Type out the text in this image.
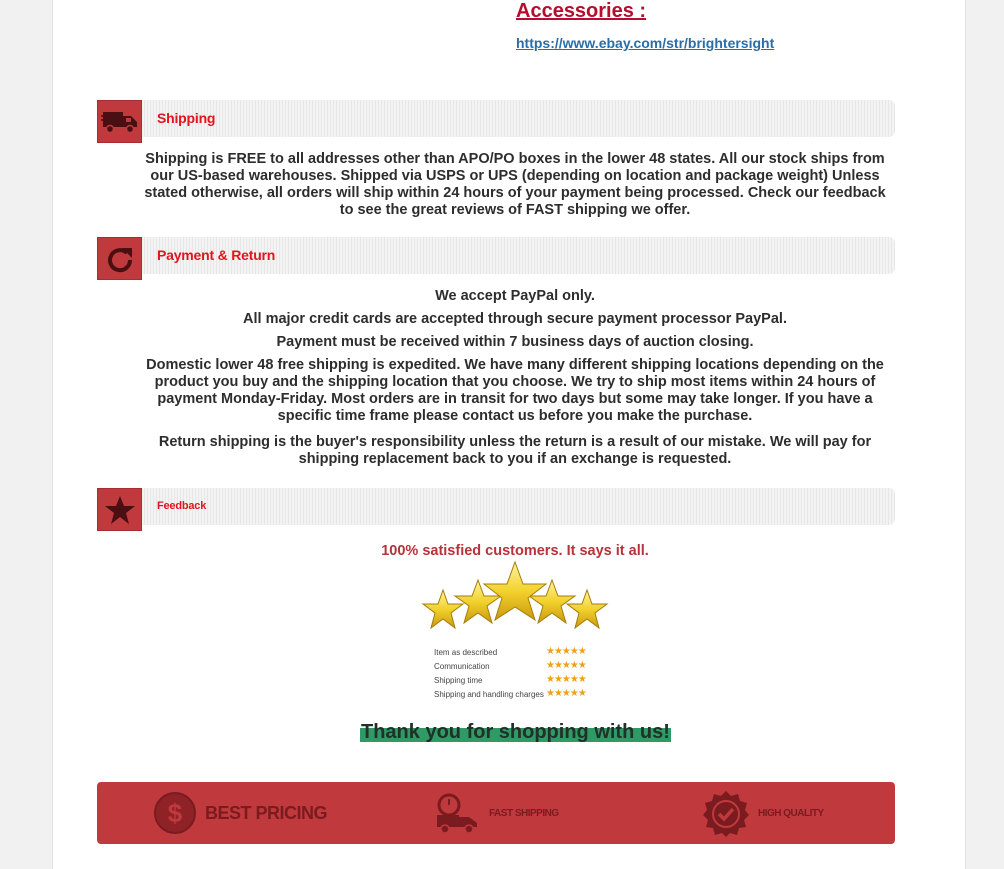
Accessories :
https://www.ebay.com/str/brightersight
Shipping

Shipping is FREE to all addresses other than APO/PO boxes in the lower 48 states. All our stock ships from our US-based warehouses. Shipped via USPS or UPS (depending on location and package weight) Unless stated otherwise, all orders will ship within 24 hours of your payment being processed. Check our feedback to see the great reviews of FAST shipping we offer.

Payment & Return

We accept PayPal only.

All major credit cards are accepted through secure payment processor PayPal.

Payment must be received within 7 business days of auction closing.

Domestic lower 48 free shipping is expedited. We have many different shipping locations depending on the product you buy and the shipping location that you choose. We try to ship most items within 24 hours of payment Monday-Friday. Most orders are in transit for two days but some may take longer. If you have a specific time frame please contact us before you make the purchase.

Return shipping is the buyer's responsibility unless the return is a result of our mistake. We will pay for shipping replacement back to you if an exchange is requested.

Feedback
100% satisfied customers. It says it all.
Item as described	★★★★★
Communication	★★★★★
Shipping time	★★★★★
Shipping and handling charges ★★★★★
Thank you for shopping with us!
$ BEST PRICING	FAST SHIPPING	HIGH QUALITY
